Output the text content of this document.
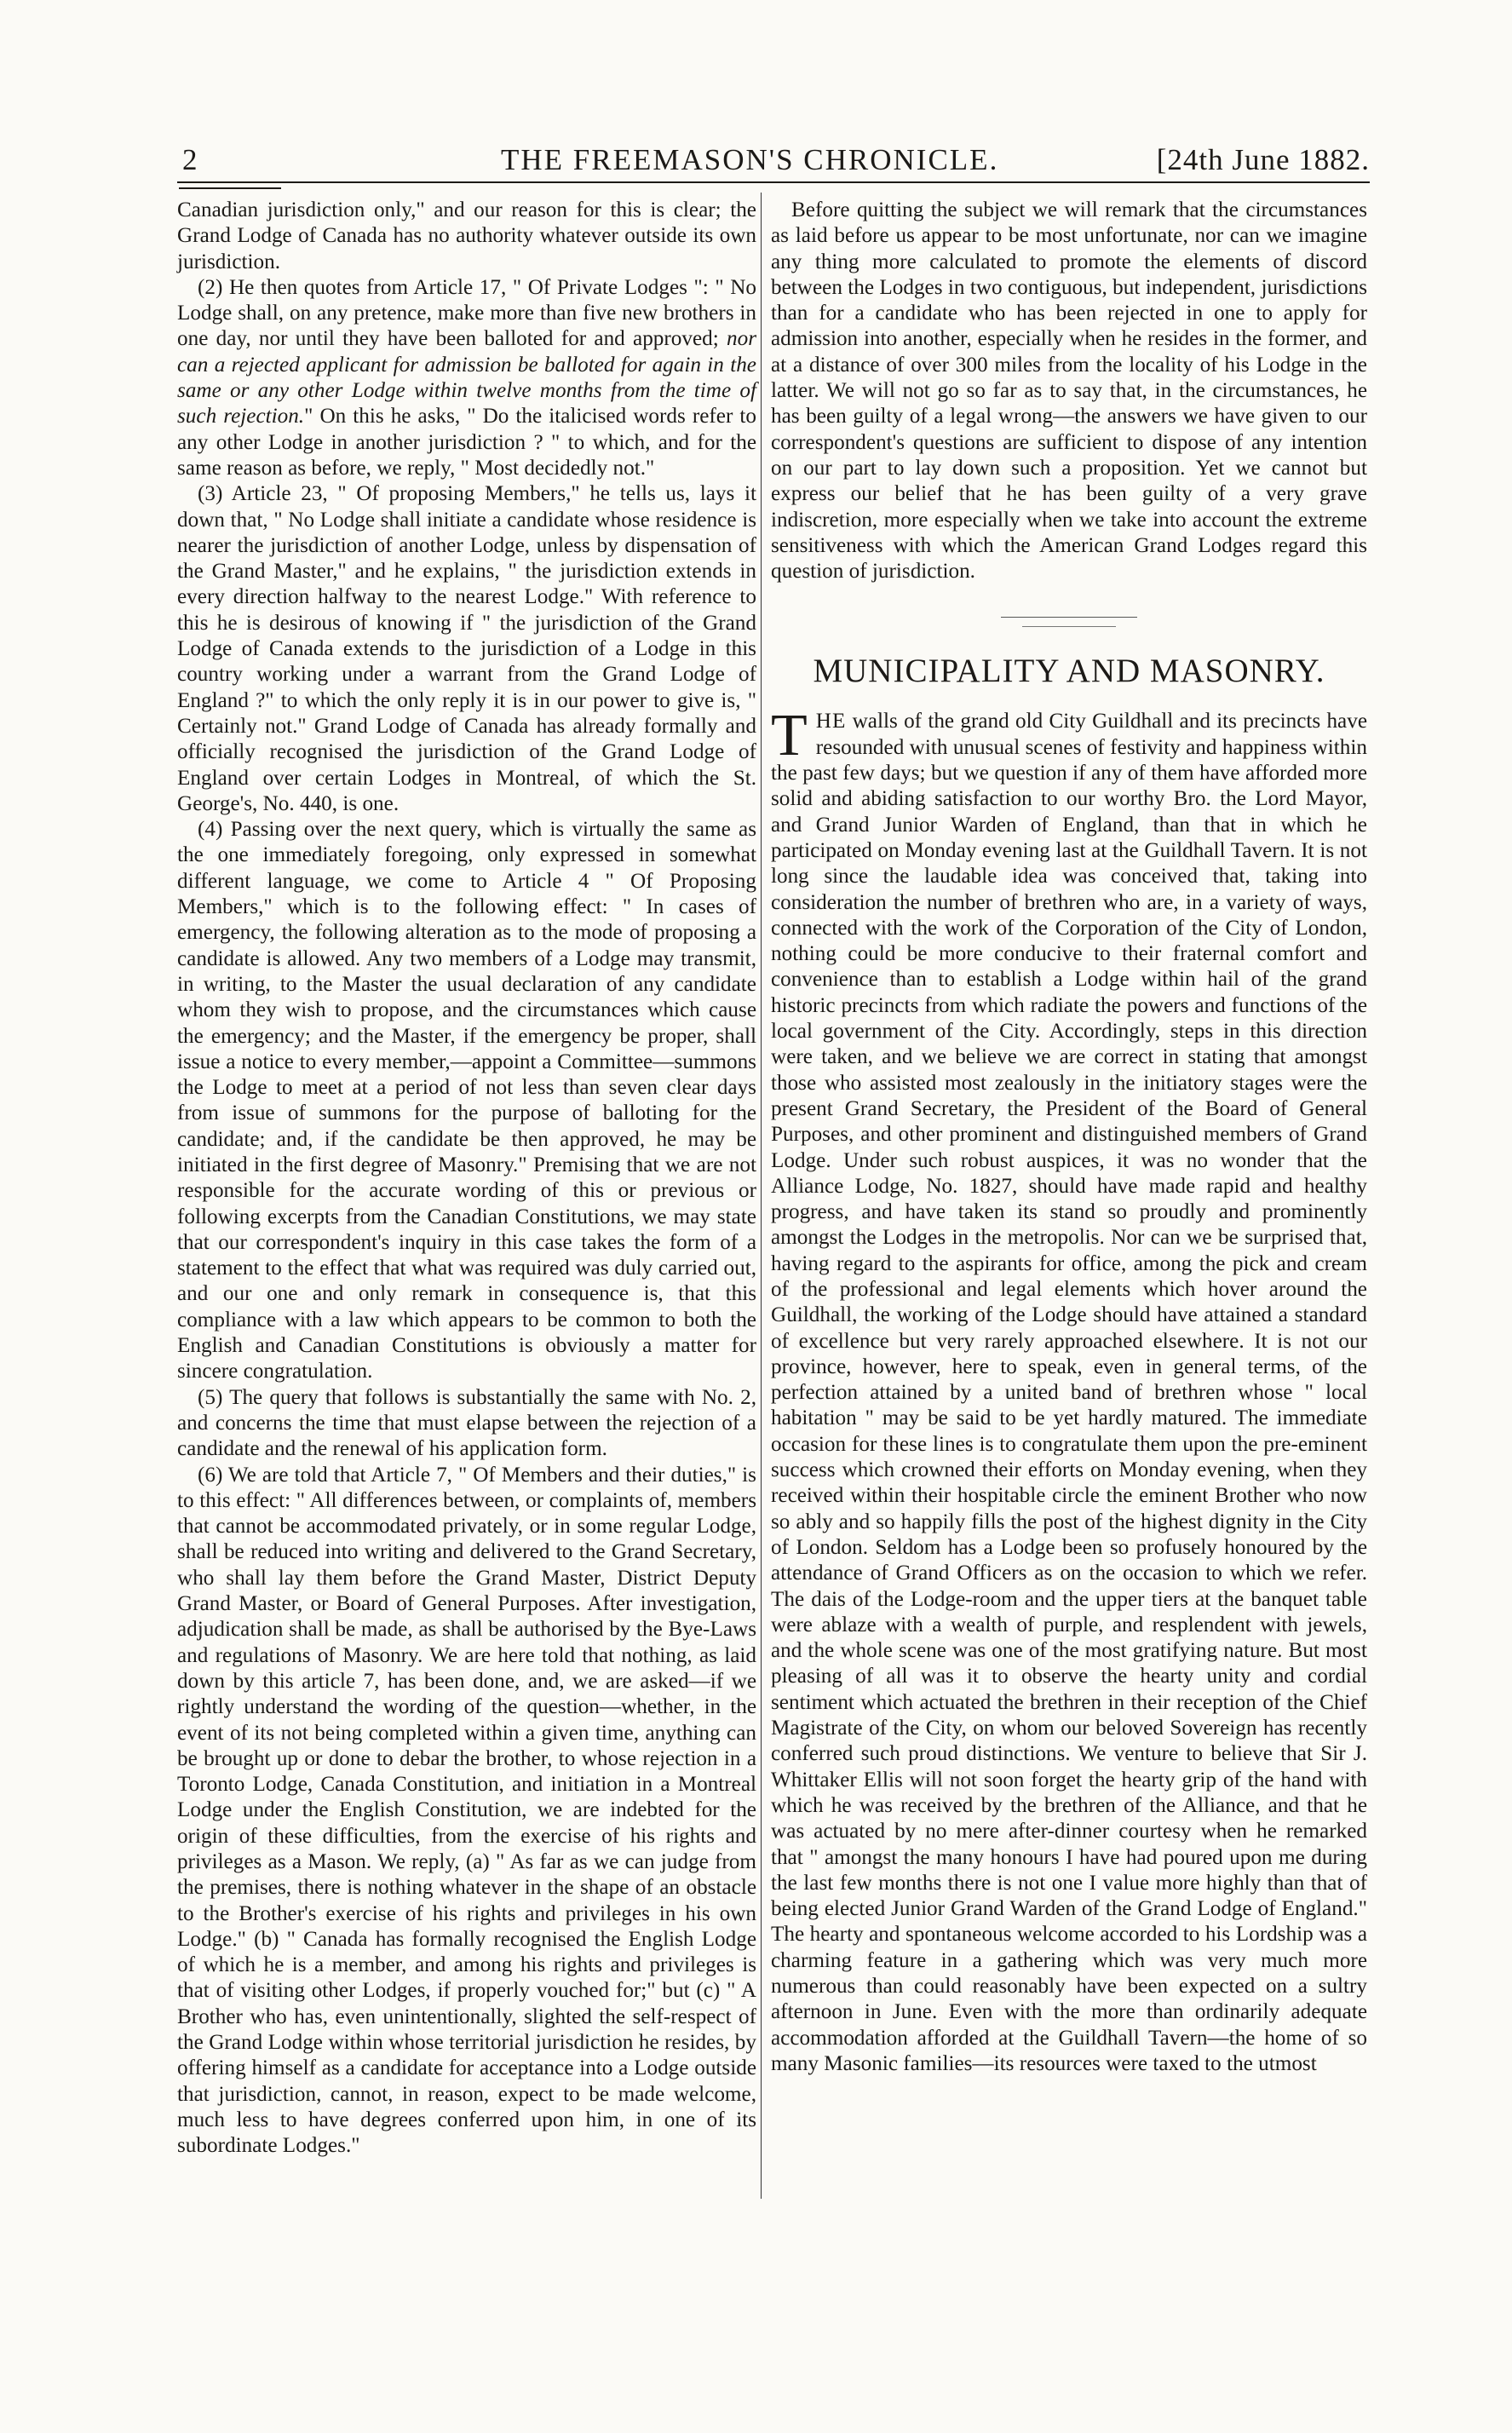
2	THE FREEMASON'S CHRONICLE.	[24th June 1882.

Canadian jurisdiction only," and our reason for this is clear; the Grand Lodge of Canada has no authority whatever outside its own jurisdiction.

(2) He then quotes from Article 17, " Of Private Lodges ": " No Lodge shall, on any pretence, make more than five new brothers in one day, nor until they have been balloted for and approved; nor can a rejected applicant for admission be balloted for again in the same or any other Lodge within twelve months from the time of such rejection." On this he asks, " Do the italicised words refer to any other Lodge in another jurisdiction ? " to which, and for the same reason as before, we reply, " Most decidedly not."

(3) Article 23, " Of proposing Members," he tells us, lays it down that, " No Lodge shall initiate a candidate whose residence is nearer the jurisdiction of another Lodge, unless by dispensation of the Grand Master," and he explains, " the jurisdiction extends in every direction halfway to the nearest Lodge." With reference to this he is desirous of knowing if " the jurisdiction of the Grand Lodge of Canada extends to the jurisdiction of a Lodge in this country working under a warrant from the Grand Lodge of England ?" to which the only reply it is in our power to give is, " Certainly not." Grand Lodge of Canada has already formally and officially recognised the jurisdiction of the Grand Lodge of England over certain Lodges in Montreal, of which the St. George's, No. 440, is one.

(4) Passing over the next query, which is virtually the same as the one immediately foregoing, only expressed in somewhat different language, we come to Article 4 " Of Proposing Members," which is to the following effect: " In cases of emergency, the following alteration as to the mode of proposing a candidate is allowed. Any two members of a Lodge may transmit, in writing, to the Master the usual declaration of any candidate whom they wish to propose, and the circumstances which cause the emergency; and the Master, if the emergency be proper, shall issue a notice to every member,—appoint a Committee—summons the Lodge to meet at a period of not less than seven clear days from issue of summons for the purpose of balloting for the candidate; and, if the candidate be then approved, he may be initiated in the first degree of Masonry." Premising that we are not responsible for the accurate wording of this or previous or following excerpts from the Canadian Constitutions, we may state that our correspondent's inquiry in this case takes the form of a statement to the effect that what was required was duly carried out, and our one and only remark in consequence is, that this compliance with a law which appears to be common to both the English and Canadian Constitutions is obviously a matter for sincere congratulation.

(5) The query that follows is substantially the same with No. 2, and concerns the time that must elapse between the rejection of a candidate and the renewal of his application form.

(6) We are told that Article 7, " Of Members and their duties," is to this effect: " All differences between, or complaints of, members that cannot be accommodated privately, or in some regular Lodge, shall be reduced into writing and delivered to the Grand Secretary, who shall lay them before the Grand Master, District Deputy Grand Master, or Board of General Purposes. After investigation, adjudication shall be made, as shall be authorised by the Bye-Laws and regulations of Masonry. We are here told that nothing, as laid down by this article 7, has been done, and, we are asked—if we rightly understand the wording of the question—whether, in the event of its not being completed within a given time, anything can be brought up or done to debar the brother, to whose rejection in a Toronto Lodge, Canada Constitution, and initiation in a Montreal Lodge under the English Constitution, we are indebted for the origin of these difficulties, from the exercise of his rights and privileges as a Mason. We reply, (a) " As far as we can judge from the premises, there is nothing whatever in the shape of an obstacle to the Brother's exercise of his rights and privileges in his own Lodge." (b) " Canada has formally recognised the English Lodge of which he is a member, and among his rights and privileges is that of visiting other Lodges, if properly vouched for;" but (c) " A Brother who has, even unintentionally, slighted the self-respect of the Grand Lodge within whose territorial jurisdiction he resides, by offering himself as a candidate for acceptance into a Lodge outside that jurisdiction, cannot, in reason, expect to be made welcome, much less to have degrees conferred upon him, in one of its subordinate Lodges."

Before quitting the subject we will remark that the circumstances as laid before us appear to be most unfortunate, nor can we imagine any thing more calculated to promote the elements of discord between the Lodges in two contiguous, but independent, jurisdictions than for a candidate who has been rejected in one to apply for admission into another, especially when he resides in the former, and at a distance of over 300 miles from the locality of his Lodge in the latter. We will not go so far as to say that, in the circumstances, he has been guilty of a legal wrong—the answers we have given to our correspondent's questions are sufficient to dispose of any intention on our part to lay down such a proposition. Yet we cannot but express our belief that he has been guilty of a very grave indiscretion, more especially when we take into account the extreme sensitiveness with which the American Grand Lodges regard this question of jurisdiction.

MUNICIPALITY AND MASONRY.

THE walls of the grand old City Guildhall and its precincts have resounded with unusual scenes of festivity and happiness within the past few days; but we question if any of them have afforded more solid and abiding satisfaction to our worthy Bro. the Lord Mayor, and Grand Junior Warden of England, than that in which he participated on Monday evening last at the Guildhall Tavern. It is not long since the laudable idea was conceived that, taking into consideration the number of brethren who are, in a variety of ways, connected with the work of the Corporation of the City of London, nothing could be more conducive to their fraternal comfort and convenience than to establish a Lodge within hail of the grand historic precincts from which radiate the powers and functions of the local government of the City. Accordingly, steps in this direction were taken, and we believe we are correct in stating that amongst those who assisted most zealously in the initiatory stages were the present Grand Secretary, the President of the Board of General Purposes, and other prominent and distinguished members of Grand Lodge. Under such robust auspices, it was no wonder that the Alliance Lodge, No. 1827, should have made rapid and healthy progress, and have taken its stand so proudly and prominently amongst the Lodges in the metropolis. Nor can we be surprised that, having regard to the aspirants for office, among the pick and cream of the professional and legal elements which hover around the Guildhall, the working of the Lodge should have attained a standard of excellence but very rarely approached elsewhere. It is not our province, however, here to speak, even in general terms, of the perfection attained by a united band of brethren whose " local habitation " may be said to be yet hardly matured. The immediate occasion for these lines is to congratulate them upon the pre-eminent success which crowned their efforts on Monday evening, when they received within their hospitable circle the eminent Brother who now so ably and so happily fills the post of the highest dignity in the City of London. Seldom has a Lodge been so profusely honoured by the attendance of Grand Officers as on the occasion to which we refer. The dais of the Lodge-room and the upper tiers at the banquet table were ablaze with a wealth of purple, and resplendent with jewels, and the whole scene was one of the most gratifying nature. But most pleasing of all was it to observe the hearty unity and cordial sentiment which actuated the brethren in their reception of the Chief Magistrate of the City, on whom our beloved Sovereign has recently conferred such proud distinctions. We venture to believe that Sir J. Whittaker Ellis will not soon forget the hearty grip of the hand with which he was received by the brethren of the Alliance, and that he was actuated by no mere after-dinner courtesy when he remarked that " amongst the many honours I have had poured upon me during the last few months there is not one I value more highly than that of being elected Junior Grand Warden of the Grand Lodge of England." The hearty and spontaneous welcome accorded to his Lordship was a charming feature in a gathering which was very much more numerous than could reasonably have been expected on a sultry afternoon in June. Even with the more than ordinarily adequate accommodation afforded at the Guildhall Tavern—the home of so many Masonic families—its resources were taxed to the utmost
